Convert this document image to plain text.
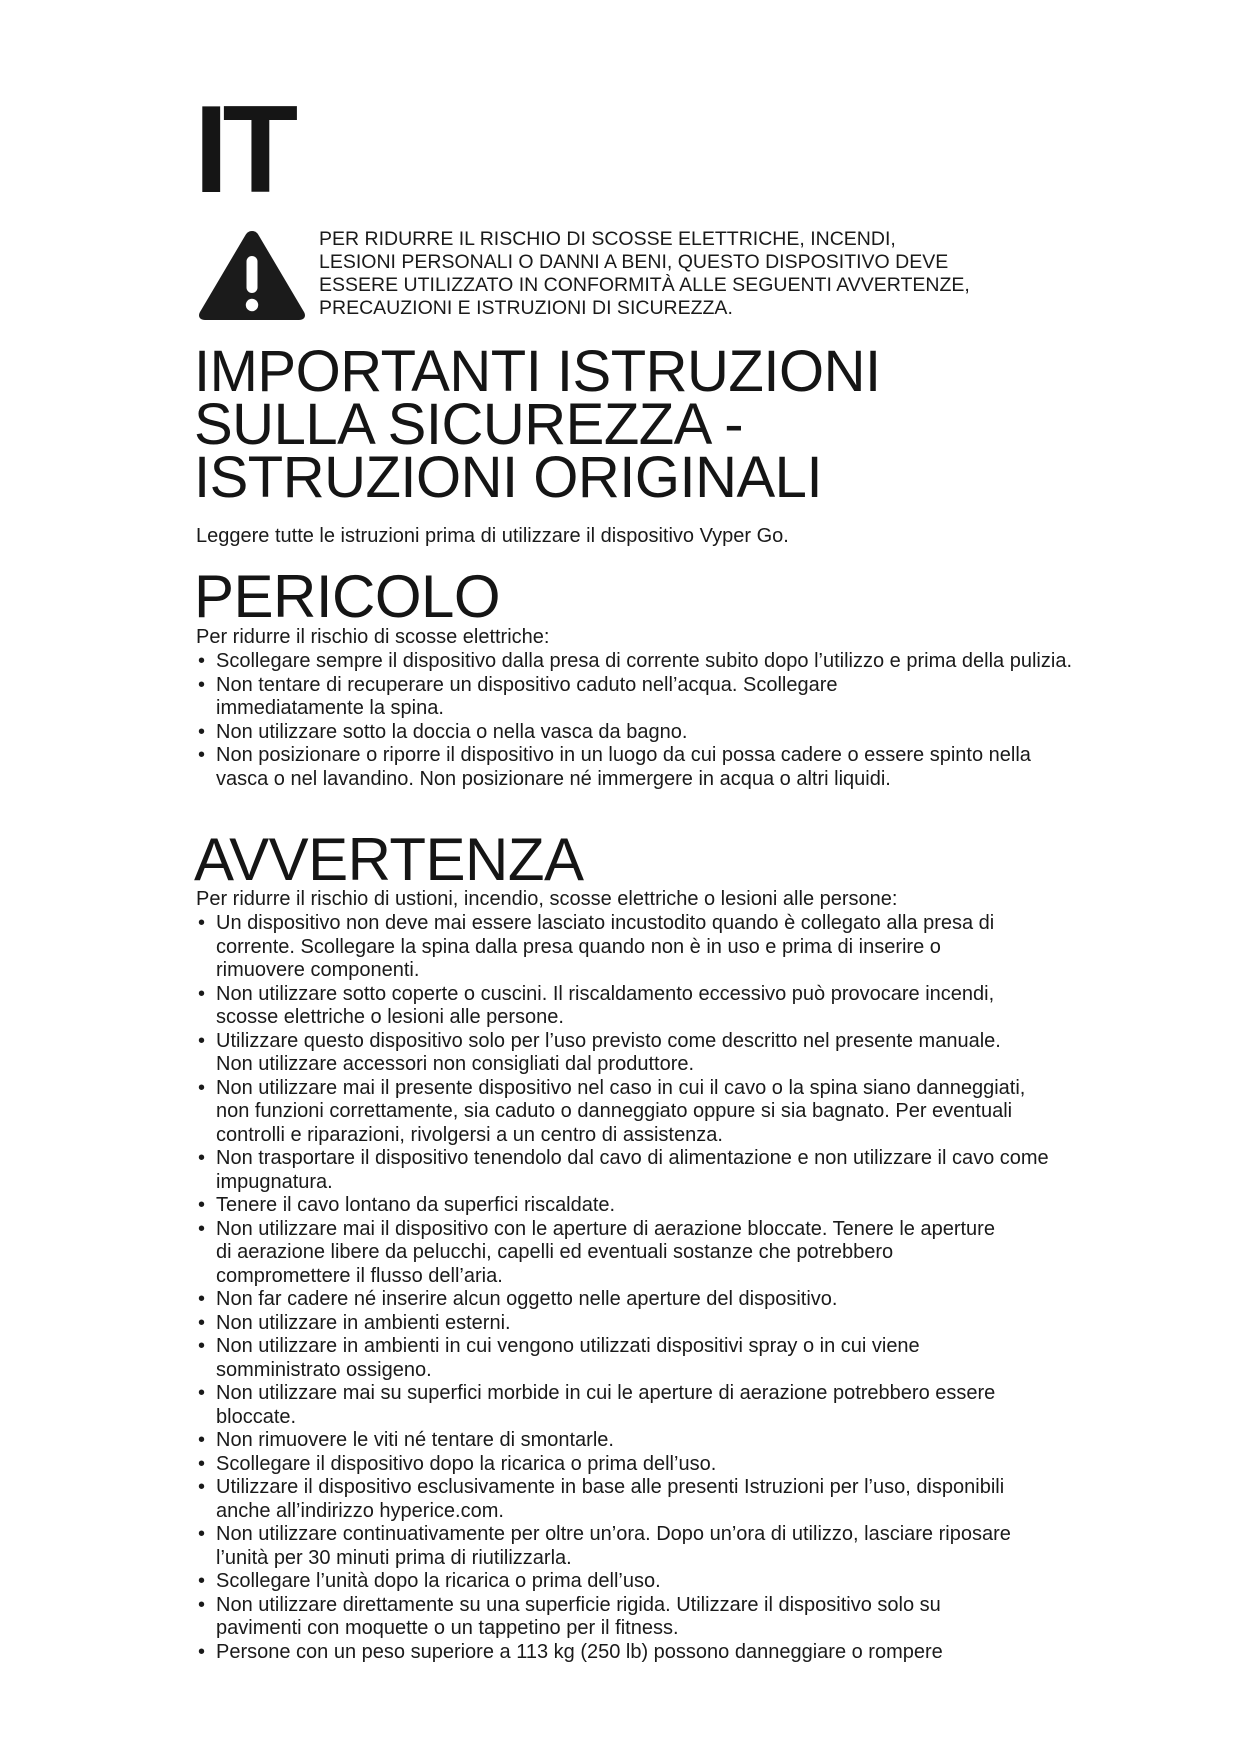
IT
PER RIDURRE IL RISCHIO DI SCOSSE ELETTRICHE, INCENDI,
LESIONI PERSONALI O DANNI A BENI, QUESTO DISPOSITIVO DEVE
ESSERE UTILIZZATO IN CONFORMITÀ ALLE SEGUENTI AVVERTENZE,
PRECAUZIONI E ISTRUZIONI DI SICUREZZA.
IMPORTANTI ISTRUZIONI
SULLA SICUREZZA -
ISTRUZIONI ORIGINALI
Leggere tutte le istruzioni prima di utilizzare il dispositivo Vyper Go.
PERICOLO
Per ridurre il rischio di scosse elettriche:
• Scollegare sempre il dispositivo dalla presa di corrente subito dopo l’utilizzo e prima della pulizia.
• Non tentare di recuperare un dispositivo caduto nell’acqua. Scollegare immediatamente la spina.
• Non utilizzare sotto la doccia o nella vasca da bagno.
• Non posizionare o riporre il dispositivo in un luogo da cui possa cadere o essere spinto nella vasca o nel lavandino. Non posizionare né immergere in acqua o altri liquidi.
AVVERTENZA
Per ridurre il rischio di ustioni, incendio, scosse elettriche o lesioni alle persone:
• Un dispositivo non deve mai essere lasciato incustodito quando è collegato alla presa di corrente. Scollegare la spina dalla presa quando non è in uso e prima di inserire o rimuovere componenti.
• Non utilizzare sotto coperte o cuscini. Il riscaldamento eccessivo può provocare incendi, scosse elettriche o lesioni alle persone.
• Utilizzare questo dispositivo solo per l’uso previsto come descritto nel presente manuale. Non utilizzare accessori non consigliati dal produttore.
• Non utilizzare mai il presente dispositivo nel caso in cui il cavo o la spina siano danneggiati, non funzioni correttamente, sia caduto o danneggiato oppure si sia bagnato. Per eventuali controlli e riparazioni, rivolgersi a un centro di assistenza.
• Non trasportare il dispositivo tenendolo dal cavo di alimentazione e non utilizzare il cavo come impugnatura.
• Tenere il cavo lontano da superfici riscaldate.
• Non utilizzare mai il dispositivo con le aperture di aerazione bloccate. Tenere le aperture di aerazione libere da pelucchi, capelli ed eventuali sostanze che potrebbero compromettere il flusso dell’aria.
• Non far cadere né inserire alcun oggetto nelle aperture del dispositivo.
• Non utilizzare in ambienti esterni.
• Non utilizzare in ambienti in cui vengono utilizzati dispositivi spray o in cui viene somministrato ossigeno.
• Non utilizzare mai su superfici morbide in cui le aperture di aerazione potrebbero essere bloccate.
• Non rimuovere le viti né tentare di smontarle.
• Scollegare il dispositivo dopo la ricarica o prima dell’uso.
• Utilizzare il dispositivo esclusivamente in base alle presenti Istruzioni per l’uso, disponibili anche all’indirizzo hyperice.com.
• Non utilizzare continuativamente per oltre un’ora. Dopo un’ora di utilizzo, lasciare riposare l’unità per 30 minuti prima di riutilizzarla.
• Scollegare l’unità dopo la ricarica o prima dell’uso.
• Non utilizzare direttamente su una superficie rigida. Utilizzare il dispositivo solo su pavimenti con moquette o un tappetino per il fitness.
• Persone con un peso superiore a 113 kg (250 lb) possono danneggiare o rompere
